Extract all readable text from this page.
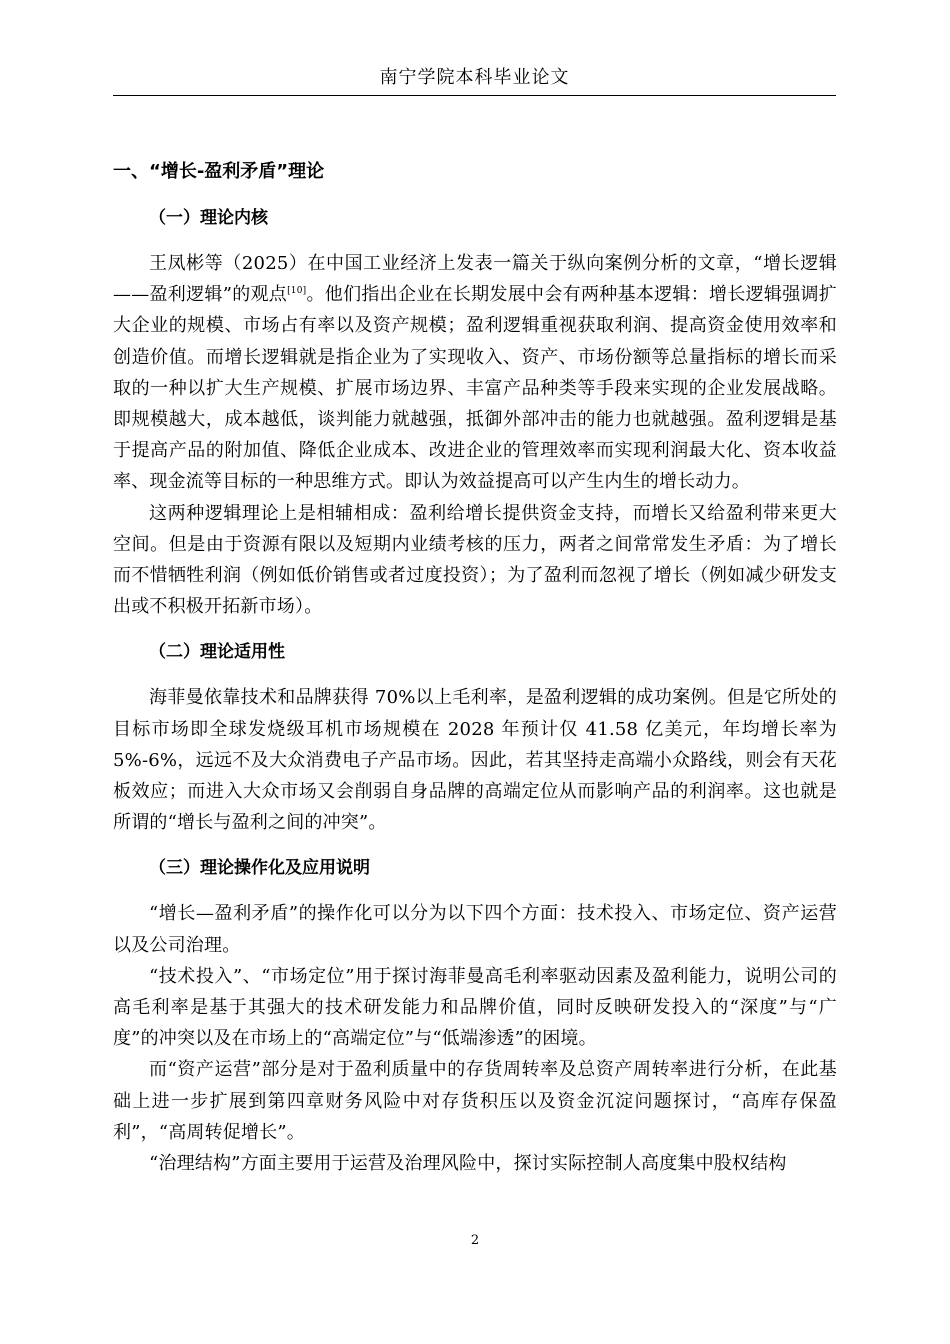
南宁学院本科毕业论文
一、“增长-盈利矛盾”理论
（一）理论内核

王凤彬等（2025）在中国工业经济上发表一篇关于纵向案例分析的文章，“增长逻辑——盈利逻辑”的观点[10]。他们指出企业在长期发展中会有两种基本逻辑：增长逻辑强调扩大企业的规模、市场占有率以及资产规模；盈利逻辑重视获取利润、提高资金使用效率和创造价值。而增长逻辑就是指企业为了实现收入、资产、市场份额等总量指标的增长而采取的一种以扩大生产规模、扩展市场边界、丰富产品种类等手段来实现的企业发展战略。即规模越大，成本越低，谈判能力就越强，抵御外部冲击的能力也就越强。盈利逻辑是基于提高产品的附加值、降低企业成本、改进企业的管理效率而实现利润最大化、资本收益率、现金流等目标的一种思维方式。即认为效益提高可以产生内生的增长动力。

这两种逻辑理论上是相辅相成：盈利给增长提供资金支持，而增长又给盈利带来更大空间。但是由于资源有限以及短期内业绩考核的压力，两者之间常常发生矛盾：为了增长而不惜牺牲利润（例如低价销售或者过度投资）；为了盈利而忽视了增长（例如减少研发支出或不积极开拓新市场）。

（二）理论适用性

海菲曼依靠技术和品牌获得 70%以上毛利率，是盈利逻辑的成功案例。但是它所处的目标市场即全球发烧级耳机市场规模在 2028 年预计仅 41.58 亿美元，年均增长率为 5%-6%，远远不及大众消费电子产品市场。因此，若其坚持走高端小众路线，则会有天花板效应；而进入大众市场又会削弱自身品牌的高端定位从而影响产品的利润率。这也就是所谓的“增长与盈利之间的冲突”。

（三）理论操作化及应用说明

“增长—盈利矛盾”的操作化可以分为以下四个方面：技术投入、市场定位、资产运营以及公司治理。

“技术投入”、“市场定位”用于探讨海菲曼高毛利率驱动因素及盈利能力，说明公司的高毛利率是基于其强大的技术研发能力和品牌价值，同时反映研发投入的“深度”与“广度”的冲突以及在市场上的“高端定位”与“低端渗透”的困境。

而“资产运营”部分是对于盈利质量中的存货周转率及总资产周转率进行分析，在此基础上进一步扩展到第四章财务风险中对存货积压以及资金沉淀问题探讨，“高库存保盈利”，“高周转促增长”。

“治理结构”方面主要用于运营及治理风险中，探讨实际控制人高度集中股权结构

2
